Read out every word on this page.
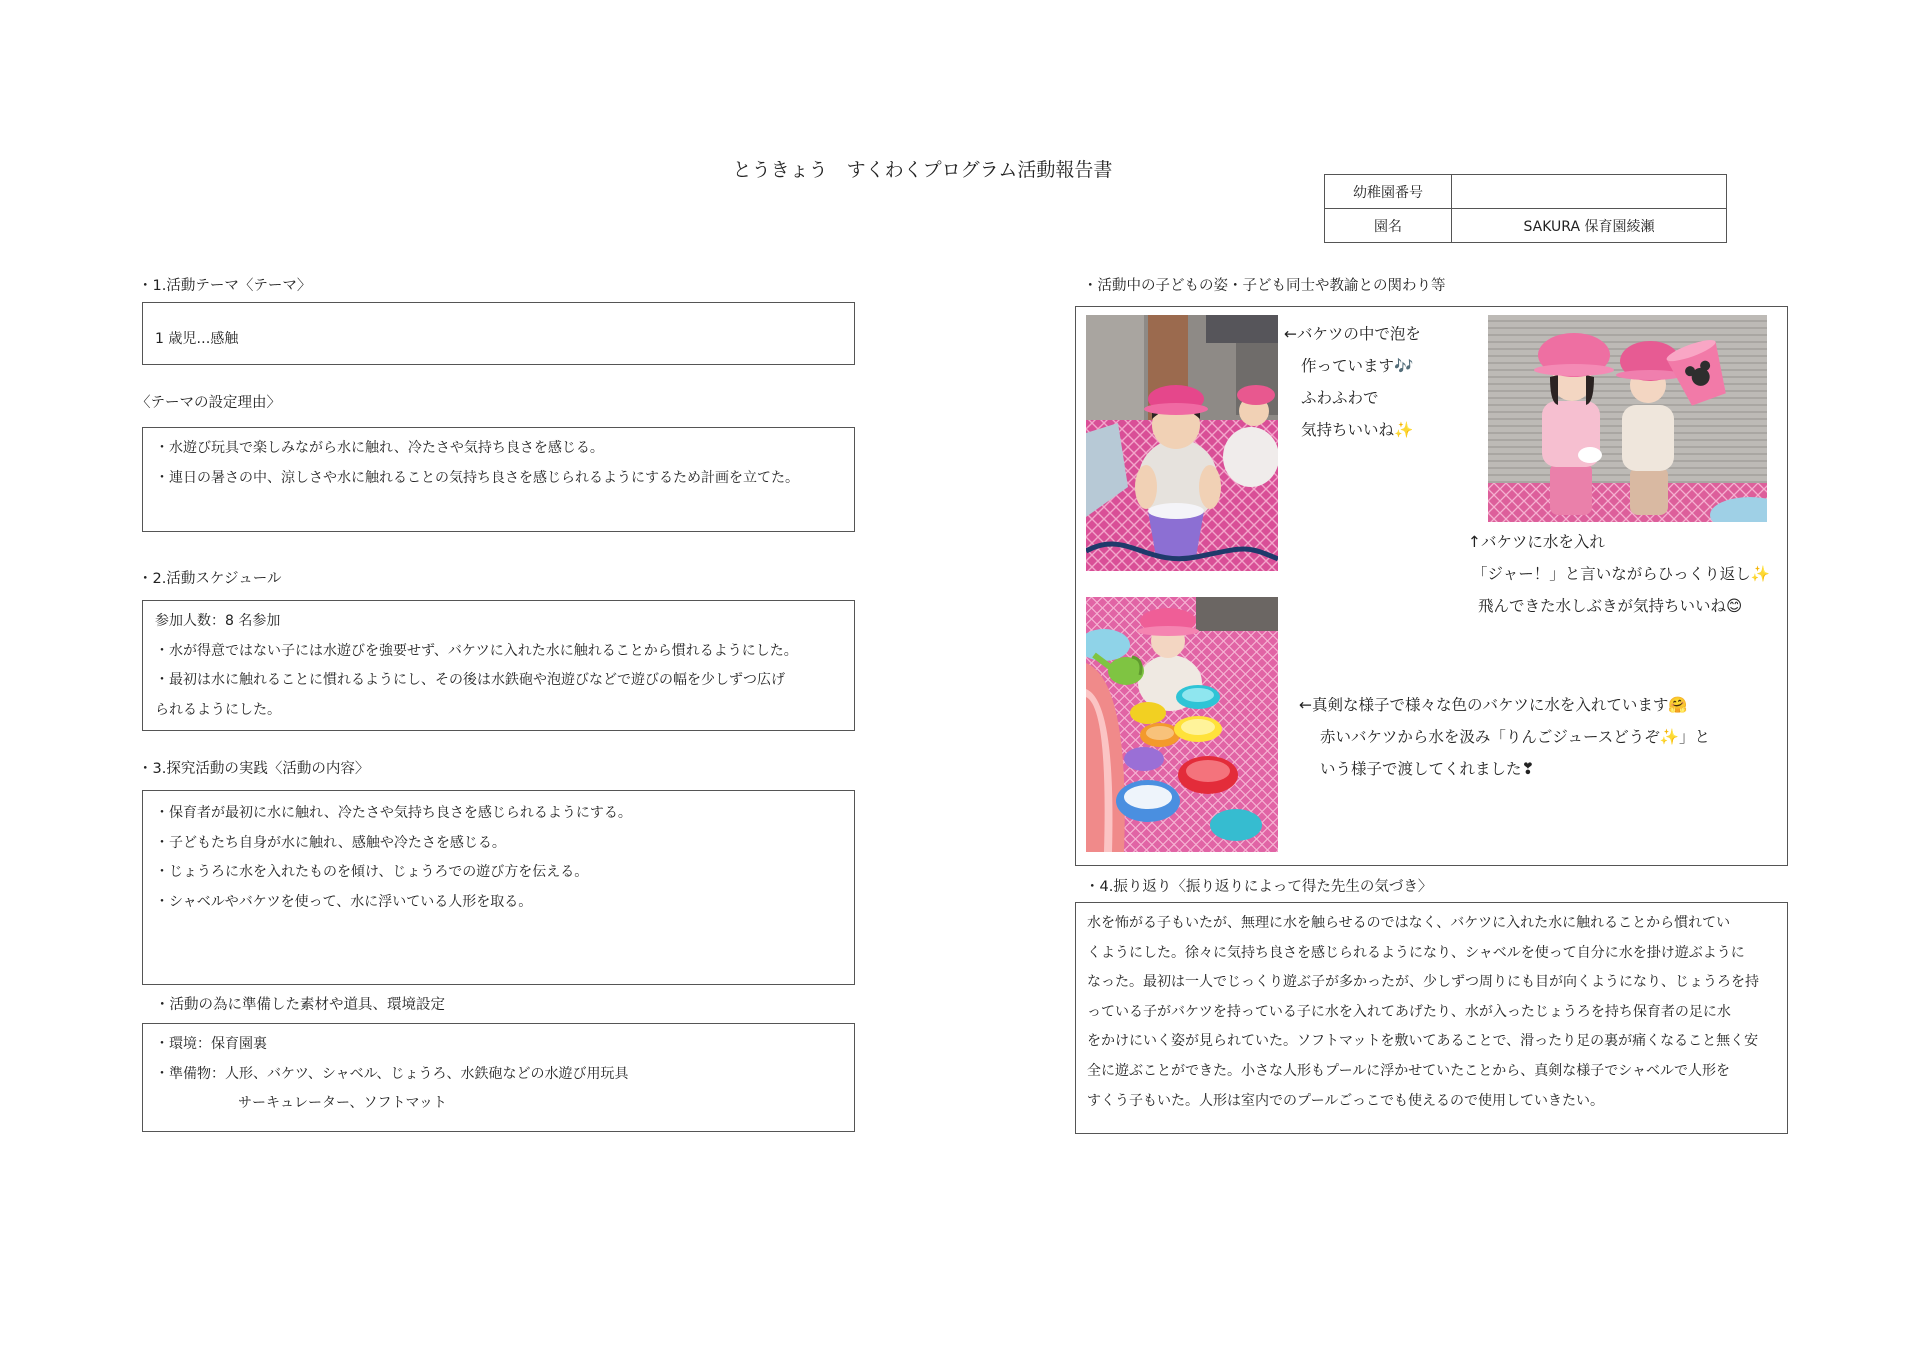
とうきょう　すくわくプログラム活動報告書
幼稚園番号	
園名	SAKURA 保育園綾瀬
・1.活動テーマ〈テーマ〉
1 歳児…感触
〈テーマの設定理由〉
・水遊び玩具で楽しみながら水に触れ、冷たさや気持ち良さを感じる。
・連日の暑さの中、涼しさや水に触れることの気持ち良さを感じられるようにするため計画を立てた。
・2.活動スケジュール
参加人数：8 名参加
・水が得意ではない子には水遊びを強要せず、バケツに入れた水に触れることから慣れるようにした。
・最初は水に触れることに慣れるようにし、その後は水鉄砲や泡遊びなどで遊びの幅を少しずつ広げ
られるようにした。
・3.探究活動の実践〈活動の内容〉
・保育者が最初に水に触れ、冷たさや気持ち良さを感じられるようにする。
・子どもたち自身が水に触れ、感触や冷たさを感じる。
・じょうろに水を入れたものを傾け、じょうろでの遊び方を伝える。
・シャベルやバケツを使って、水に浮いている人形を取る。
・活動の為に準備した素材や道具、環境設定
・環境：保育園裏
・準備物：人形、バケツ、シャベル、じょうろ、水鉄砲などの水遊び用玩具
サーキュレーター、ソフトマット
・活動中の子どもの姿・子ども同士や教諭との関わり等
←バケツの中で泡を
作っています🎶
ふわふわで
気持ちいいね✨
↑バケツに水を入れ
「ジャー！」と言いながらひっくり返し✨
飛んできた水しぶきが気持ちいいね😊
←真剣な様子で様々な色のバケツに水を入れています🤗
赤いバケツから水を汲み「りんごジュースどうぞ✨」と
いう様子で渡してくれました❣
・4.振り返り〈振り返りによって得た先生の気づき〉
水を怖がる子もいたが、無理に水を触らせるのではなく、バケツに入れた水に触れることから慣れてい
くようにした。徐々に気持ち良さを感じられるようになり、シャベルを使って自分に水を掛け遊ぶように
なった。最初は一人でじっくり遊ぶ子が多かったが、少しずつ周りにも目が向くようになり、じょうろを持
っている子がバケツを持っている子に水を入れてあげたり、水が入ったじょうろを持ち保育者の足に水
をかけにいく姿が見られていた。ソフトマットを敷いてあることで、滑ったり足の裏が痛くなること無く安
全に遊ぶことができた。小さな人形もプールに浮かせていたことから、真剣な様子でシャベルで人形を
すくう子もいた。人形は室内でのプールごっこでも使えるので使用していきたい。
